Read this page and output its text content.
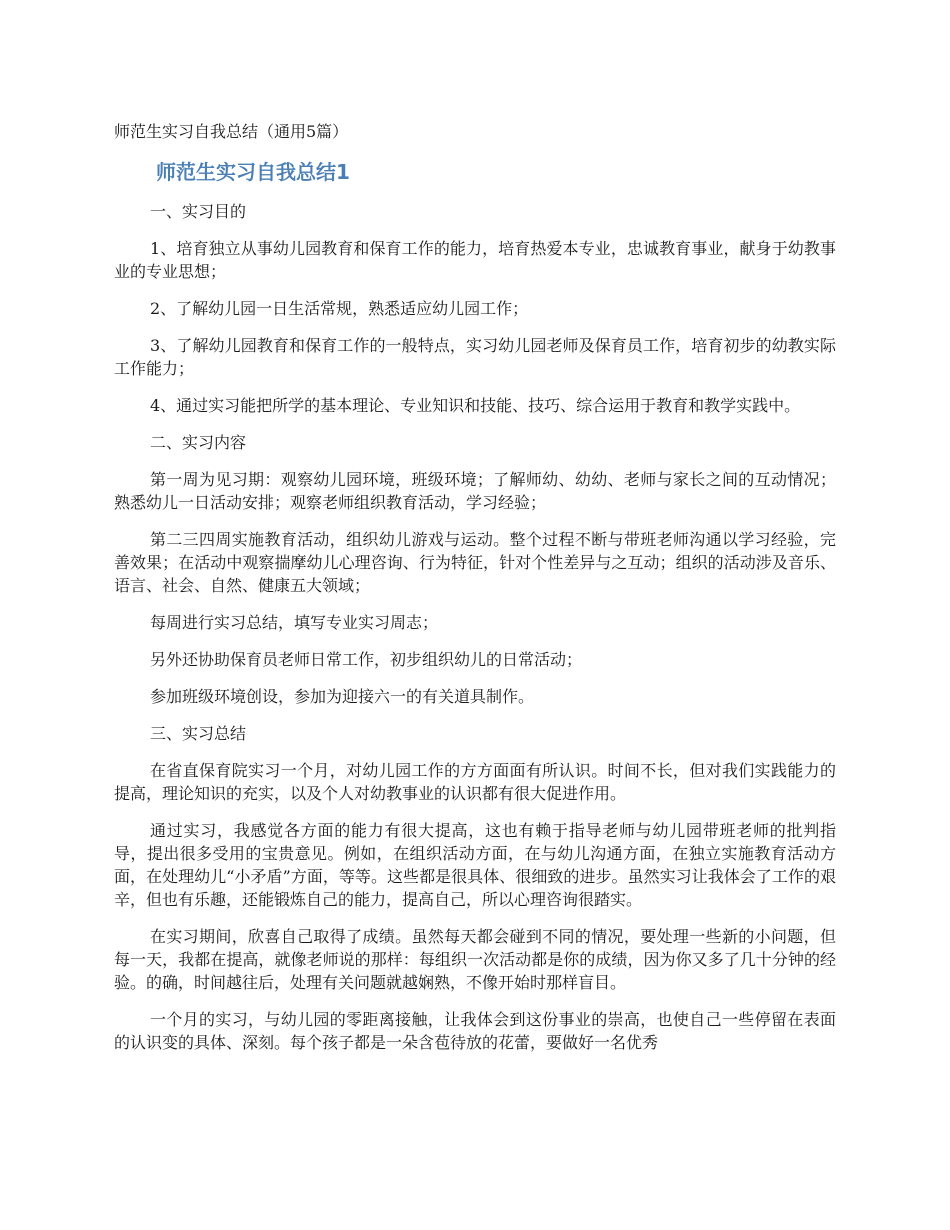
师范生实习自我总结（通用5篇）
师范生实习自我总结1

一、实习目的

1、培育独立从事幼儿园教育和保育工作的能力，培育热爱本专业，忠诚教育事业，献身于幼教事业的专业思想；

2、了解幼儿园一日生活常规，熟悉适应幼儿园工作；

3、了解幼儿园教育和保育工作的一般特点，实习幼儿园老师及保育员工作，培育初步的幼教实际工作能力；

4、通过实习能把所学的基本理论、专业知识和技能、技巧、综合运用于教育和教学实践中。

二、实习内容

第一周为见习期：观察幼儿园环境，班级环境；了解师幼、幼幼、老师与家长之间的互动情况；熟悉幼儿一日活动安排；观察老师组织教育活动，学习经验；

第二三四周实施教育活动，组织幼儿游戏与运动。整个过程不断与带班老师沟通以学习经验，完善效果；在活动中观察揣摩幼儿心理咨询、行为特征，针对个性差异与之互动；组织的活动涉及音乐、语言、社会、自然、健康五大领域；

每周进行实习总结，填写专业实习周志；

另外还协助保育员老师日常工作，初步组织幼儿的日常活动；

参加班级环境创设，参加为迎接六一的有关道具制作。

三、实习总结

在省直保育院实习一个月，对幼儿园工作的方方面面有所认识。时间不长，但对我们实践能力的提高，理论知识的充实，以及个人对幼教事业的认识都有很大促进作用。

通过实习，我感觉各方面的能力有很大提高，这也有赖于指导老师与幼儿园带班老师的批判指导，提出很多受用的宝贵意见。例如，在组织活动方面，在与幼儿沟通方面，在独立实施教育活动方面，在处理幼儿“小矛盾”方面，等等。这些都是很具体、很细致的进步。虽然实习让我体会了工作的艰辛，但也有乐趣，还能锻炼自己的能力，提高自己，所以心理咨询很踏实。

在实习期间，欣喜自己取得了成绩。虽然每天都会碰到不同的情况，要处理一些新的小问题，但每一天，我都在提高，就像老师说的那样：每组织一次活动都是你的成绩，因为你又多了几十分钟的经验。的确，时间越往后，处理有关问题就越娴熟，不像开始时那样盲目。

一个月的实习，与幼儿园的零距离接触，让我体会到这份事业的崇高，也使自己一些停留在表面的认识变的具体、深刻。每个孩子都是一朵含苞待放的花蕾，要做好一名优秀
